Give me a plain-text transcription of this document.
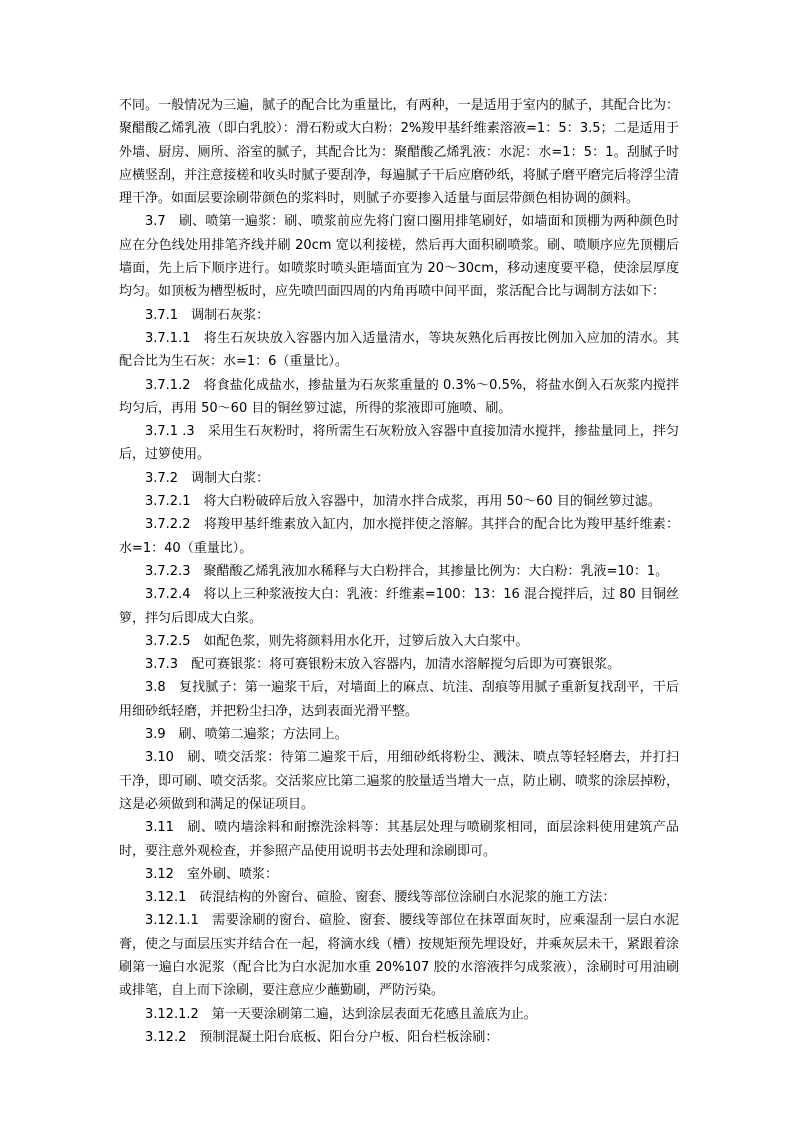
不同。一般情况为三遍，腻子的配合比为重量比，有两种，一是适用于室内的腻子，其配合比为：聚醋酸乙烯乳液（即白乳胶）：滑石粉或大白粉：2%羧甲基纤维素溶液=1：5：3.5；二是适用于外墙、厨房、厕所、浴室的腻子，其配合比为：聚醋酸乙烯乳液：水泥：水=1：5：1。刮腻子时应横竖刮，并注意接槎和收头时腻子要刮净，每遍腻子干后应磨砂纸，将腻子磨平磨完后将浮尘清理干净。如面层要涂刷带颜色的浆料时，则腻子亦要掺入适量与面层带颜色相协调的颜料。

3.7　刷、喷第一遍浆：刷、喷浆前应先将门窗口圈用排笔刷好，如墙面和顶棚为两种颜色时应在分色线处用排笔齐线并刷 20cm 宽以利接槎，然后再大面积刷喷浆。刷、喷顺序应先顶棚后墙面，先上后下顺序进行。如喷浆时喷头距墙面宜为 20～30cm，移动速度要平稳，使涂层厚度均匀。如顶板为槽型板时，应先喷凹面四周的内角再喷中间平面，浆活配合比与调制方法如下：

3.7.1　调制石灰浆：

3.7.1.1　将生石灰块放入容器内加入适量清水，等块灰熟化后再按比例加入应加的清水。其配合比为生石灰：水=1：6（重量比）。

3.7.1.2　将食盐化成盐水，掺盐量为石灰浆重量的 0.3%～0.5%，将盐水倒入石灰浆内搅拌均匀后，再用 50～60 目的铜丝箩过滤，所得的浆液即可施喷、刷。

3.7.1 .3　采用生石灰粉时，将所需生石灰粉放入容器中直接加清水搅拌，掺盐量同上，拌匀后，过箩使用。

3.7.2　调制大白浆：

3.7.2.1　将大白粉破碎后放入容器中，加清水拌合成浆，再用 50～60 目的铜丝箩过滤。

3.7.2.2　将羧甲基纤维素放入缸内，加水搅拌使之溶解。其拌合的配合比为羧甲基纤维素：水=1：40（重量比）。

3.7.2.3　聚醋酸乙烯乳液加水稀释与大白粉拌合，其掺量比例为：大白粉：乳液=10：1。

3.7.2.4　将以上三种浆液按大白：乳液：纤维素=100：13：16 混合搅拌后，过 80 目铜丝箩，拌匀后即成大白浆。

3.7.2.5　如配色浆，则先将颜料用水化开，过箩后放入大白浆中。

3.7.3　配可赛银浆：将可赛银粉末放入容器内，加清水溶解搅匀后即为可赛银浆。

3.8　复找腻子：第一遍浆干后，对墙面上的麻点、坑洼、刮痕等用腻子重新复找刮平，干后用细砂纸轻磨，并把粉尘扫净，达到表面光滑平整。

3.9　刷、喷第二遍浆；方法同上。

3.10　刷、喷交活浆：待第二遍浆干后，用细砂纸将粉尘、溅沫、喷点等轻轻磨去，并打扫干净，即可刷、喷交活浆。交活浆应比第二遍浆的胶量适当增大一点，防止刷、喷浆的涂层掉粉，这是必须做到和满足的保证项目。

3.11　刷、喷内墙涂料和耐擦洗涂料等：其基层处理与喷刷浆相同，面层涂料使用建筑产品时，要注意外观检查，并参照产品使用说明书去处理和涂刷即可。

3.12　室外刷、喷浆：

3.12.1　砖混结构的外窗台、碹脸、窗套、腰线等部位涂刷白水泥浆的施工方法：

3.12.1.1　需要涂刷的窗台、碹脸、窗套、腰线等部位在抹罩面灰时，应乘湿刮一层白水泥膏，使之与面层压实并结合在一起，将滴水线（槽）按规矩预先埋设好，并乘灰层未干，紧跟着涂刷第一遍白水泥浆（配合比为白水泥加水重 20%107 胶的水溶液拌匀成浆液），涂刷时可用油刷或排笔，自上而下涂刷，要注意应少蘸勤刷，严防污染。

3.12.1.2　第一天要涂刷第二遍，达到涂层表面无花感且盖底为止。

3.12.2　预制混凝土阳台底板、阳台分户板、阳台栏板涂刷：
